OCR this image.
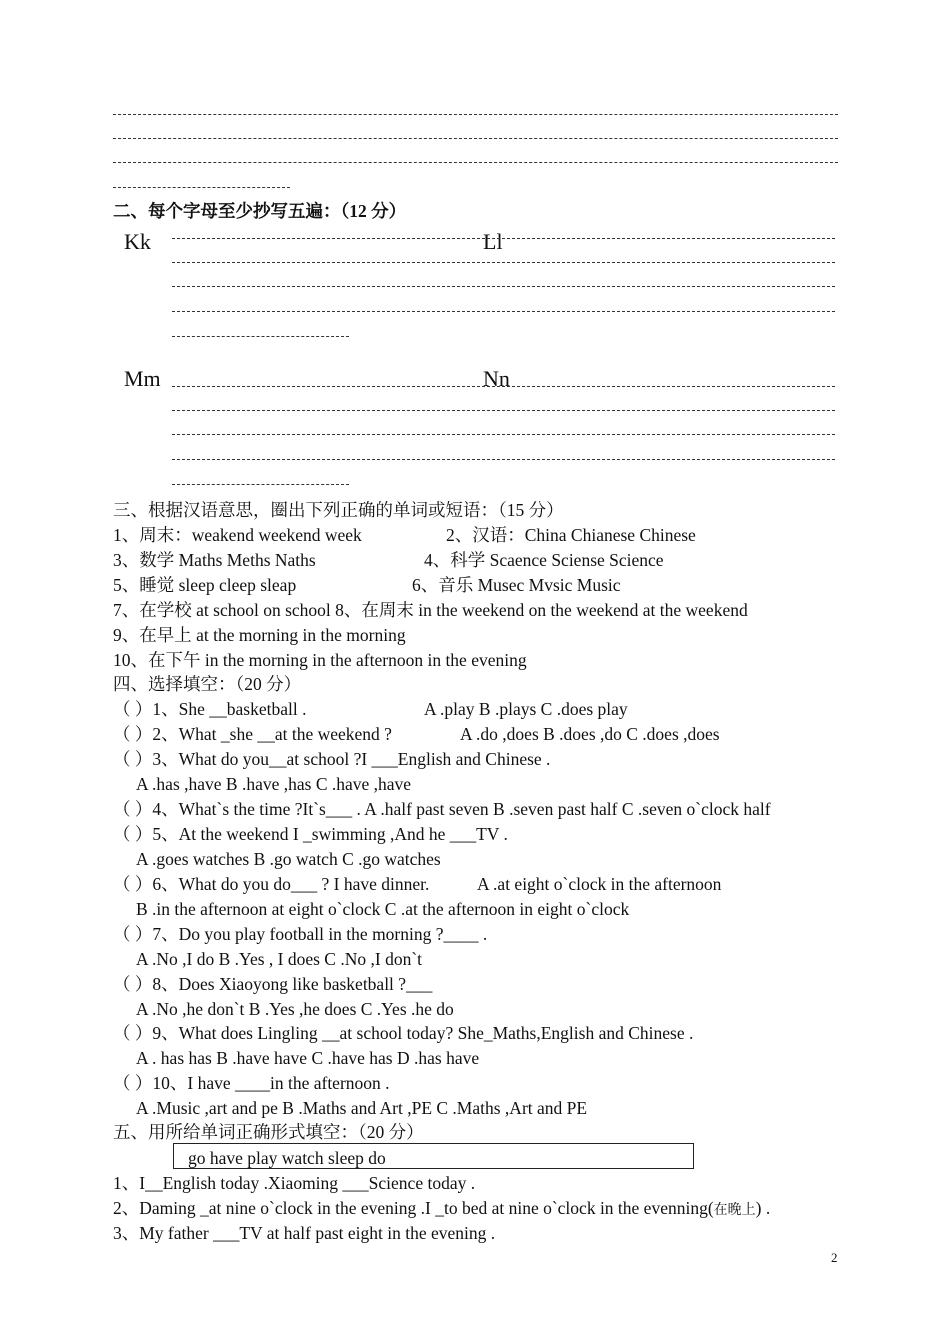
二、每个字母至少抄写五遍：（12 分）
Kk	Ll
Mm	Nn
三、根据汉语意思，圈出下列正确的单词或短语：（15 分）
1、周末：weakend weekend week	2、汉语：China Chianese Chinese
3、数学 Maths Meths Naths	4、科学 Scaence Sciense Science
5、睡觉 sleep cleep sleap	6、音乐 Musec Mvsic Music
7、在学校 at school on school 8、在周末 in the weekend on the weekend at the weekend
9、在早上 at the morning in the morning
10、在下午 in the morning in the afternoon in the evening
四、选择填空：（20 分）
（ ）1、She __basketball .	A .play B .plays C .does play
（ ）2、What _she __at the weekend ?	A .do ,does B .does ,do C .does ,does
（ ）3、What do you__at school ?I ___English and Chinese .
A .has ,have B .have ,has C .have ,have
（ ）4、What`s the time ?It`s___ . A .half past seven B .seven past half C .seven o`clock half
（ ）5、At the weekend I _swimming ,And he ___TV .
A .goes watches B .go watch C .go watches
（ ）6、What do you do___ ? I have dinner.	A .at eight o`clock in the afternoon
B .in the afternoon at eight o`clock C .at the afternoon in eight o`clock
（ ）7、Do you play football in the morning ?____ .
A .No ,I do B .Yes , I does C .No ,I don`t
（ ）8、Does Xiaoyong like basketball ?___
A .No ,he don`t B .Yes ,he does C .Yes .he do
（ ）9、What does Lingling __at school today? She_Maths,English and Chinese .
A . has has B .have have C .have has D .has have
（ ）10、I have ____in the afternoon .
A .Music ,art and pe B .Maths and Art ,PE C .Maths ,Art and PE
五、用所给单词正确形式填空：（20 分）
go have play watch sleep do
1、I__English today .Xiaoming ___Science today .
2、Daming _at nine o`clock in the evening .I _to bed at nine o`clock in the evenning(在晚上) .
3、My father ___TV at half past eight in the evening .
2
